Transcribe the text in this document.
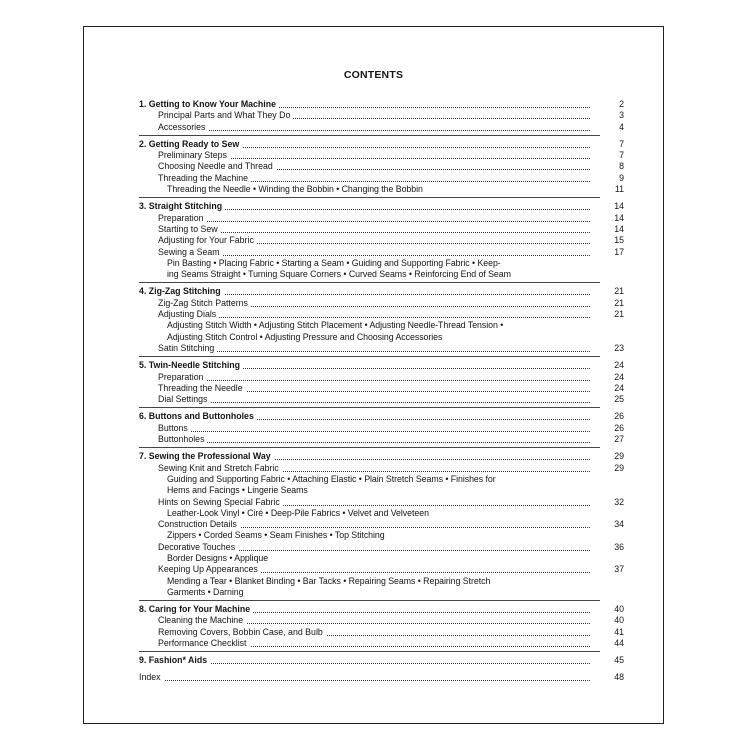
CONTENTS
1. Getting to Know Your Machine	2
Principal Parts and What They Do	3
Accessories	4
2. Getting Ready to Sew	7
Preliminary Steps	7
Choosing Needle and Thread	8
Threading the Machine	9
Threading the Needle • Winding the Bobbin • Changing the Bobbin	11
3. Straight Stitching	14
Preparation	14
Starting to Sew	14
Adjusting for Your Fabric	15
Sewing a Seam	17
Pin Basting • Placing Fabric • Starting a Seam • Guiding and Supporting Fabric • Keep-
ing Seams Straight • Turning Square Corners • Curved Seams • Reinforcing End of Seam
4. Zig-Zag Stitching	21
Zig-Zag Stitch Patterns	21
Adjusting Dials	21
Adjusting Stitch Width • Adjusting Stitch Placement • Adjusting Needle-Thread Tension •
Adjusting Stitch Control • Adjusting Pressure and Choosing Accessories
Satin Stitching	23
5. Twin-Needle Stitching	24
Preparation	24
Threading the Needle	24
Dial Settings	25
6. Buttons and Buttonholes	26
Buttons	26
Buttonholes	27
7. Sewing the Professional Way	29
Sewing Knit and Stretch Fabric	29
Guiding and Supporting Fabric • Attaching Elastic • Plain Stretch Seams • Finishes for
Hems and Facings • Lingerie Seams
Hints on Sewing Special Fabric	32
Leather-Look Vinyl • Ciré • Deep-Pile Fabrics • Velvet and Velveteen
Construction Details	34
Zippers • Corded Seams • Seam Finishes • Top Stitching
Decorative Touches	36
Border Designs • Applique
Keeping Up Appearances	37
Mending a Tear • Blanket Binding • Bar Tacks • Repairing Seams • Repairing Stretch
Garments • Darning
8. Caring for Your Machine	40
Cleaning the Machine	40
Removing Covers, Bobbin Case, and Bulb	41
Performance Checklist	44
9. Fashion* Aids	45
Index	48
